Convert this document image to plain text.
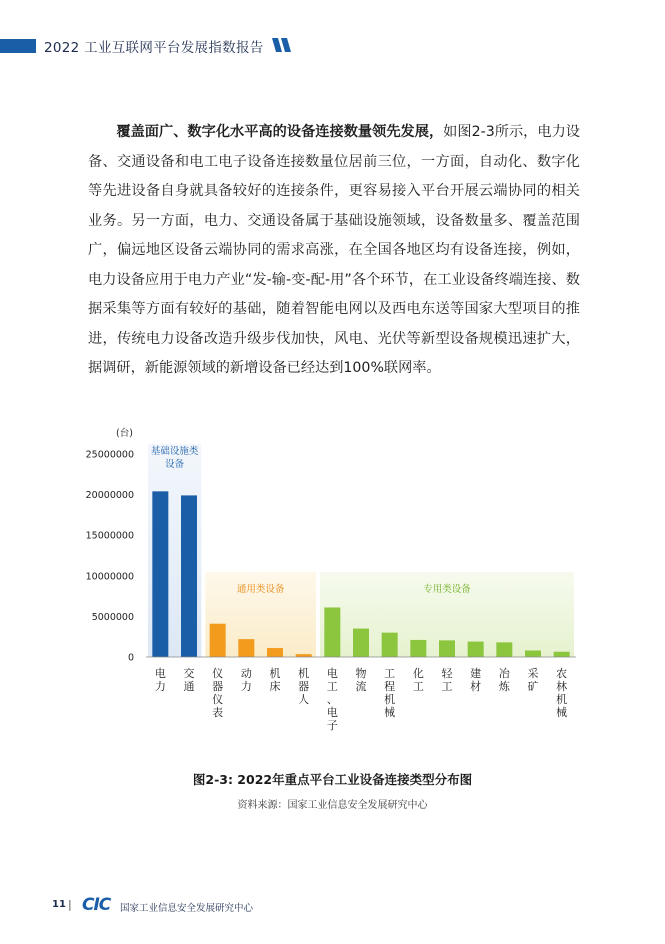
2022 工业互联网平台发展指数报告

覆盖面广、数字化水平高的设备连接数量领先发展，如图2-3所示，电力设备、交通设备和电工电子设备连接数量位居前三位，一方面，自动化、数字化等先进设备自身就具备较好的连接条件，更容易接入平台开展云端协同的相关业务。另一方面，电力、交通设备属于基础设施领域，设备数量多、覆盖范围广，偏远地区设备云端协同的需求高涨，在全国各地区均有设备连接，例如，电力设备应用于电力产业“发-输-变-配-用”各个环节，在工业设备终端连接、数据采集等方面有较好的基础，随着智能电网以及西电东送等国家大型项目的推进，传统电力设备改造升级步伐加快，风电、光伏等新型设备规模迅速扩大，据调研，新能源领域的新增设备已经达到100%联网率。

基础设施类
设备
通用类设备	专用类设备
(台)
25000000
20000000
15000000
10000000
5000000
0
电力
交通
仪器仪表
动力
机床
机器人
电工、电子
物流
工程机械
化工
轻工
建材
冶炼
采矿
农林机械
图2-3: 2022年重点平台工业设备连接类型分布图
资料来源：国家工业信息安全发展研究中心
11 | CIC 国家工业信息安全发展研究中心
